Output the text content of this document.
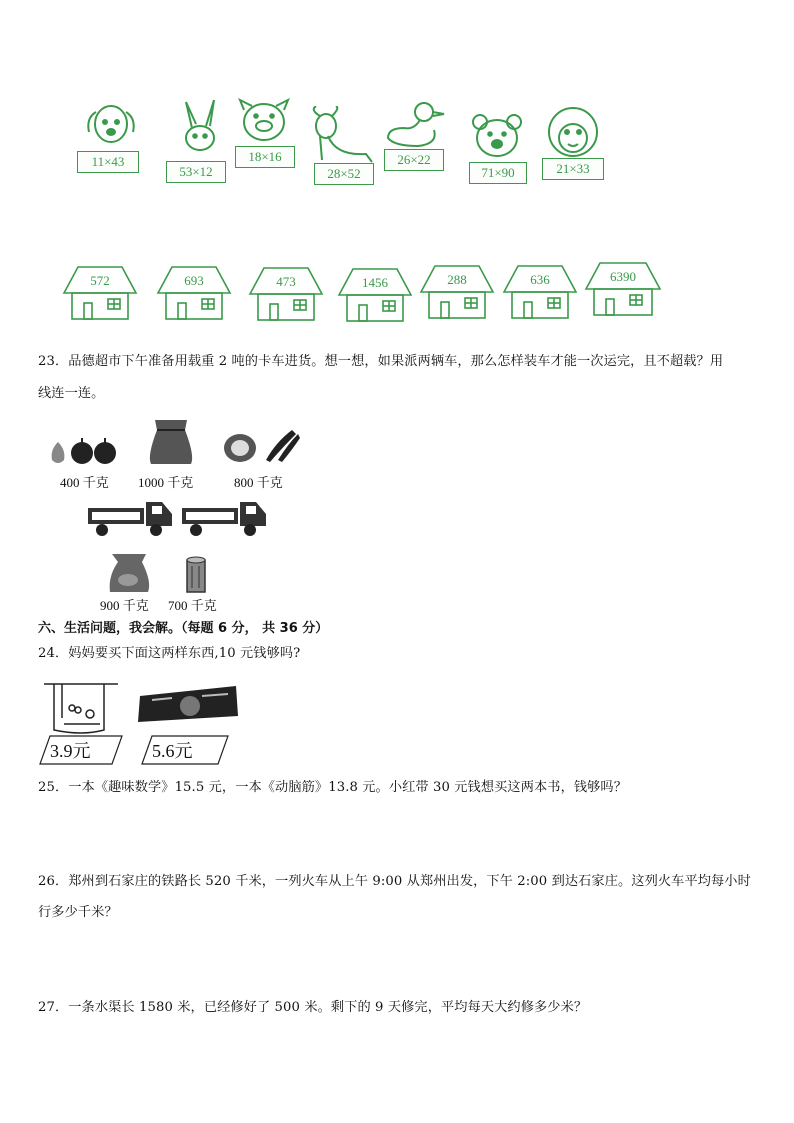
11×43
53×12
18×16
28×52
26×22
71×90	21×33
572	693	473	1456	288	636	6390
23．品德超市下午准备用载重 2 吨的卡车进货。想一想，如果派两辆车，那么怎样装车才能一次运完，且不超载？用
线连一连。
400 千克 1000 千克	800 千克
900 千克 700 千克
六、生活问题，我会解。（每题 6 分， 共 36 分）
24．妈妈要买下面这两样东西,10 元钱够吗?
3.9元	5.6元
25．一本《趣味数学》15.5 元，一本《动脑筋》13.8 元。小红带 30 元钱想买这两本书，钱够吗？
26．郑州到石家庄的铁路长 520 千米，一列火车从上午 9:00 从郑州出发，下午 2:00 到达石家庄。这列火车平均每小时
行多少千米？
27．一条水渠长 1580 米，已经修好了 500 米。剩下的 9 天修完，平均每天大约修多少米？
